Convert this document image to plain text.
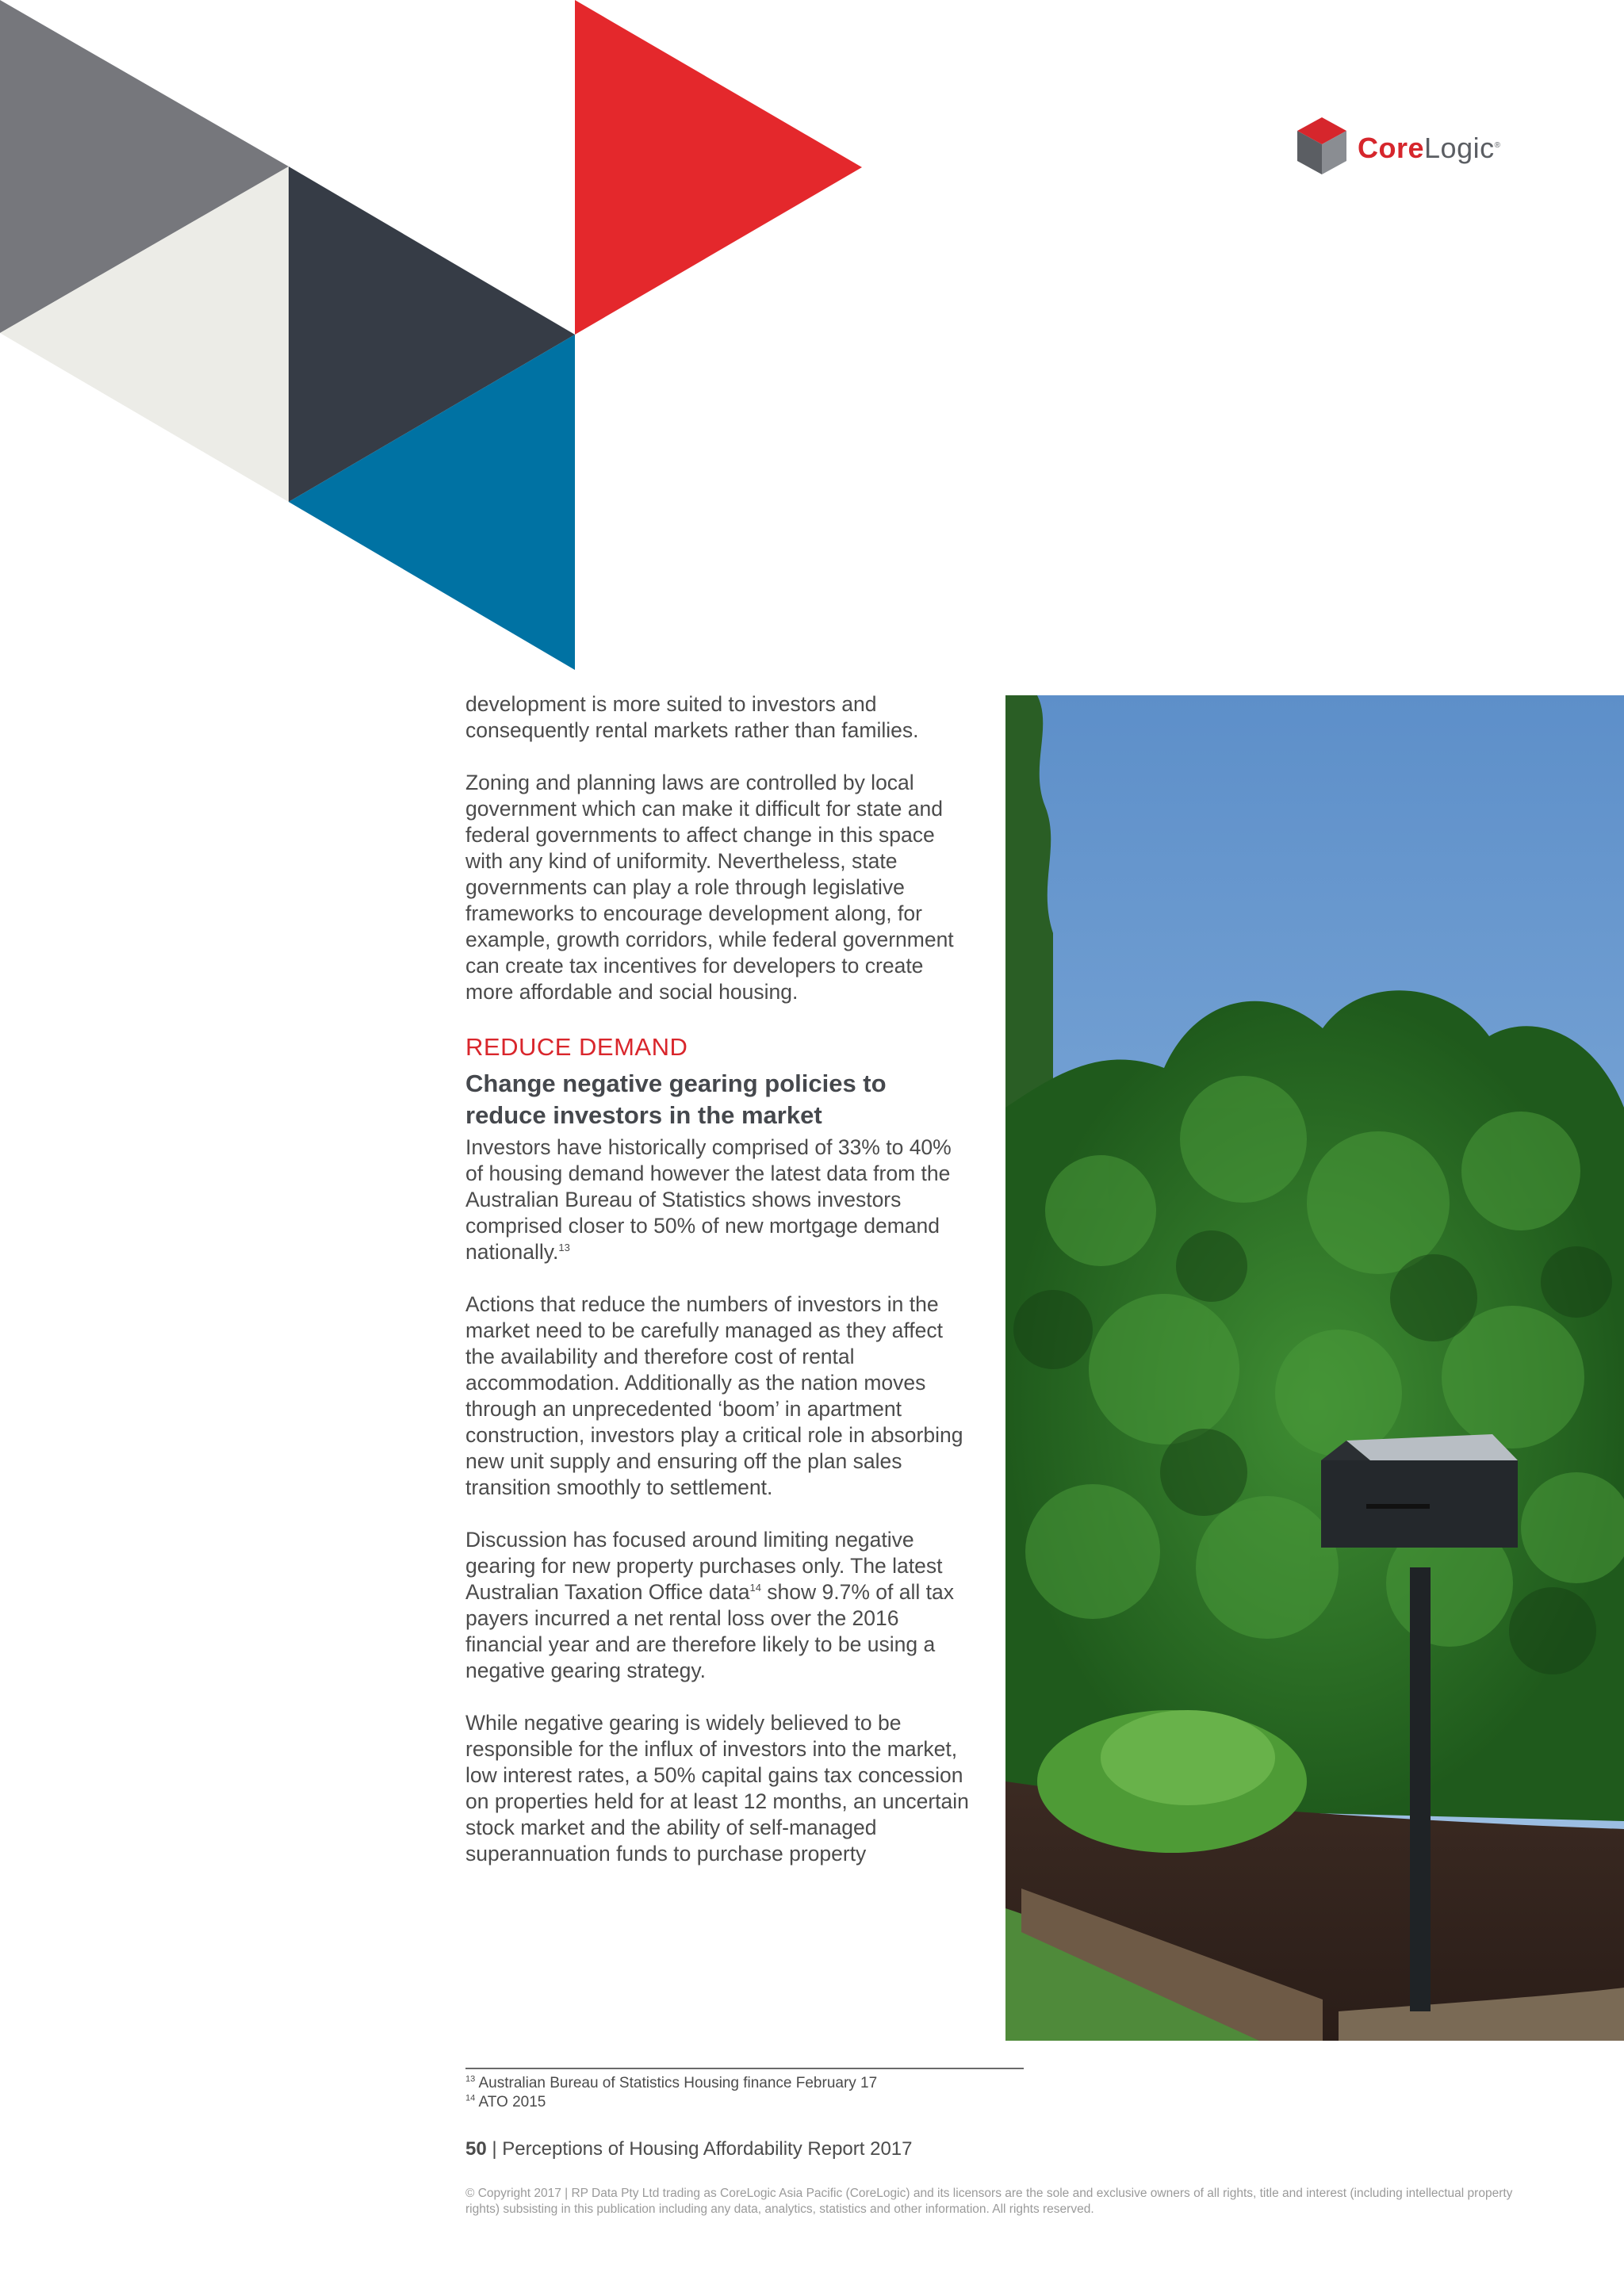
CoreLogic®

development is more suited to investors and consequently rental markets rather than families.

Zoning and planning laws are controlled by local government which can make it difficult for state and federal governments to affect change in this space with any kind of uniformity. Nevertheless, state governments can play a role through legislative frameworks to encourage development along, for example, growth corridors, while federal government can create tax incentives for developers to create more affordable and social housing.

REDUCE DEMAND
Change negative gearing policies to reduce investors in the market

Investors have historically comprised of 33% to 40% of housing demand however the latest data from the Australian Bureau of Statistics shows investors comprised closer to 50% of new mortgage demand nationally.$^{13}$

Actions that reduce the numbers of investors in the market need to be carefully managed as they affect the availability and therefore cost of rental accommodation. Additionally as the nation moves through an unprecedented ‘boom’ in apartment construction, investors play a critical role in absorbing new unit supply and ensuring off the plan sales transition smoothly to settlement.

Discussion has focused around limiting negative gearing for new property purchases only. The latest Australian Taxation Office data$^{14}$ show 9.7% of all tax payers incurred a net rental loss over the 2016 financial year and are therefore likely to be using a negative gearing strategy.

While negative gearing is widely believed to be responsible for the influx of investors into the market, low interest rates, a 50% capital gains tax concession on properties held for at least 12 months, an uncertain stock market and the ability of self-managed superannuation funds to purchase property

$^{13}$ Australian Bureau of Statistics Housing finance February 17
$^{14}$ ATO 2015
50 | Perceptions of Housing Affordability Report 2017
© Copyright 2017 | RP Data Pty Ltd trading as CoreLogic Asia Pacific (CoreLogic) and its licensors are the sole and exclusive owners of all rights, title and interest (including intellectual property rights) subsisting in this publication including any data, analytics, statistics and other information. All rights reserved.
